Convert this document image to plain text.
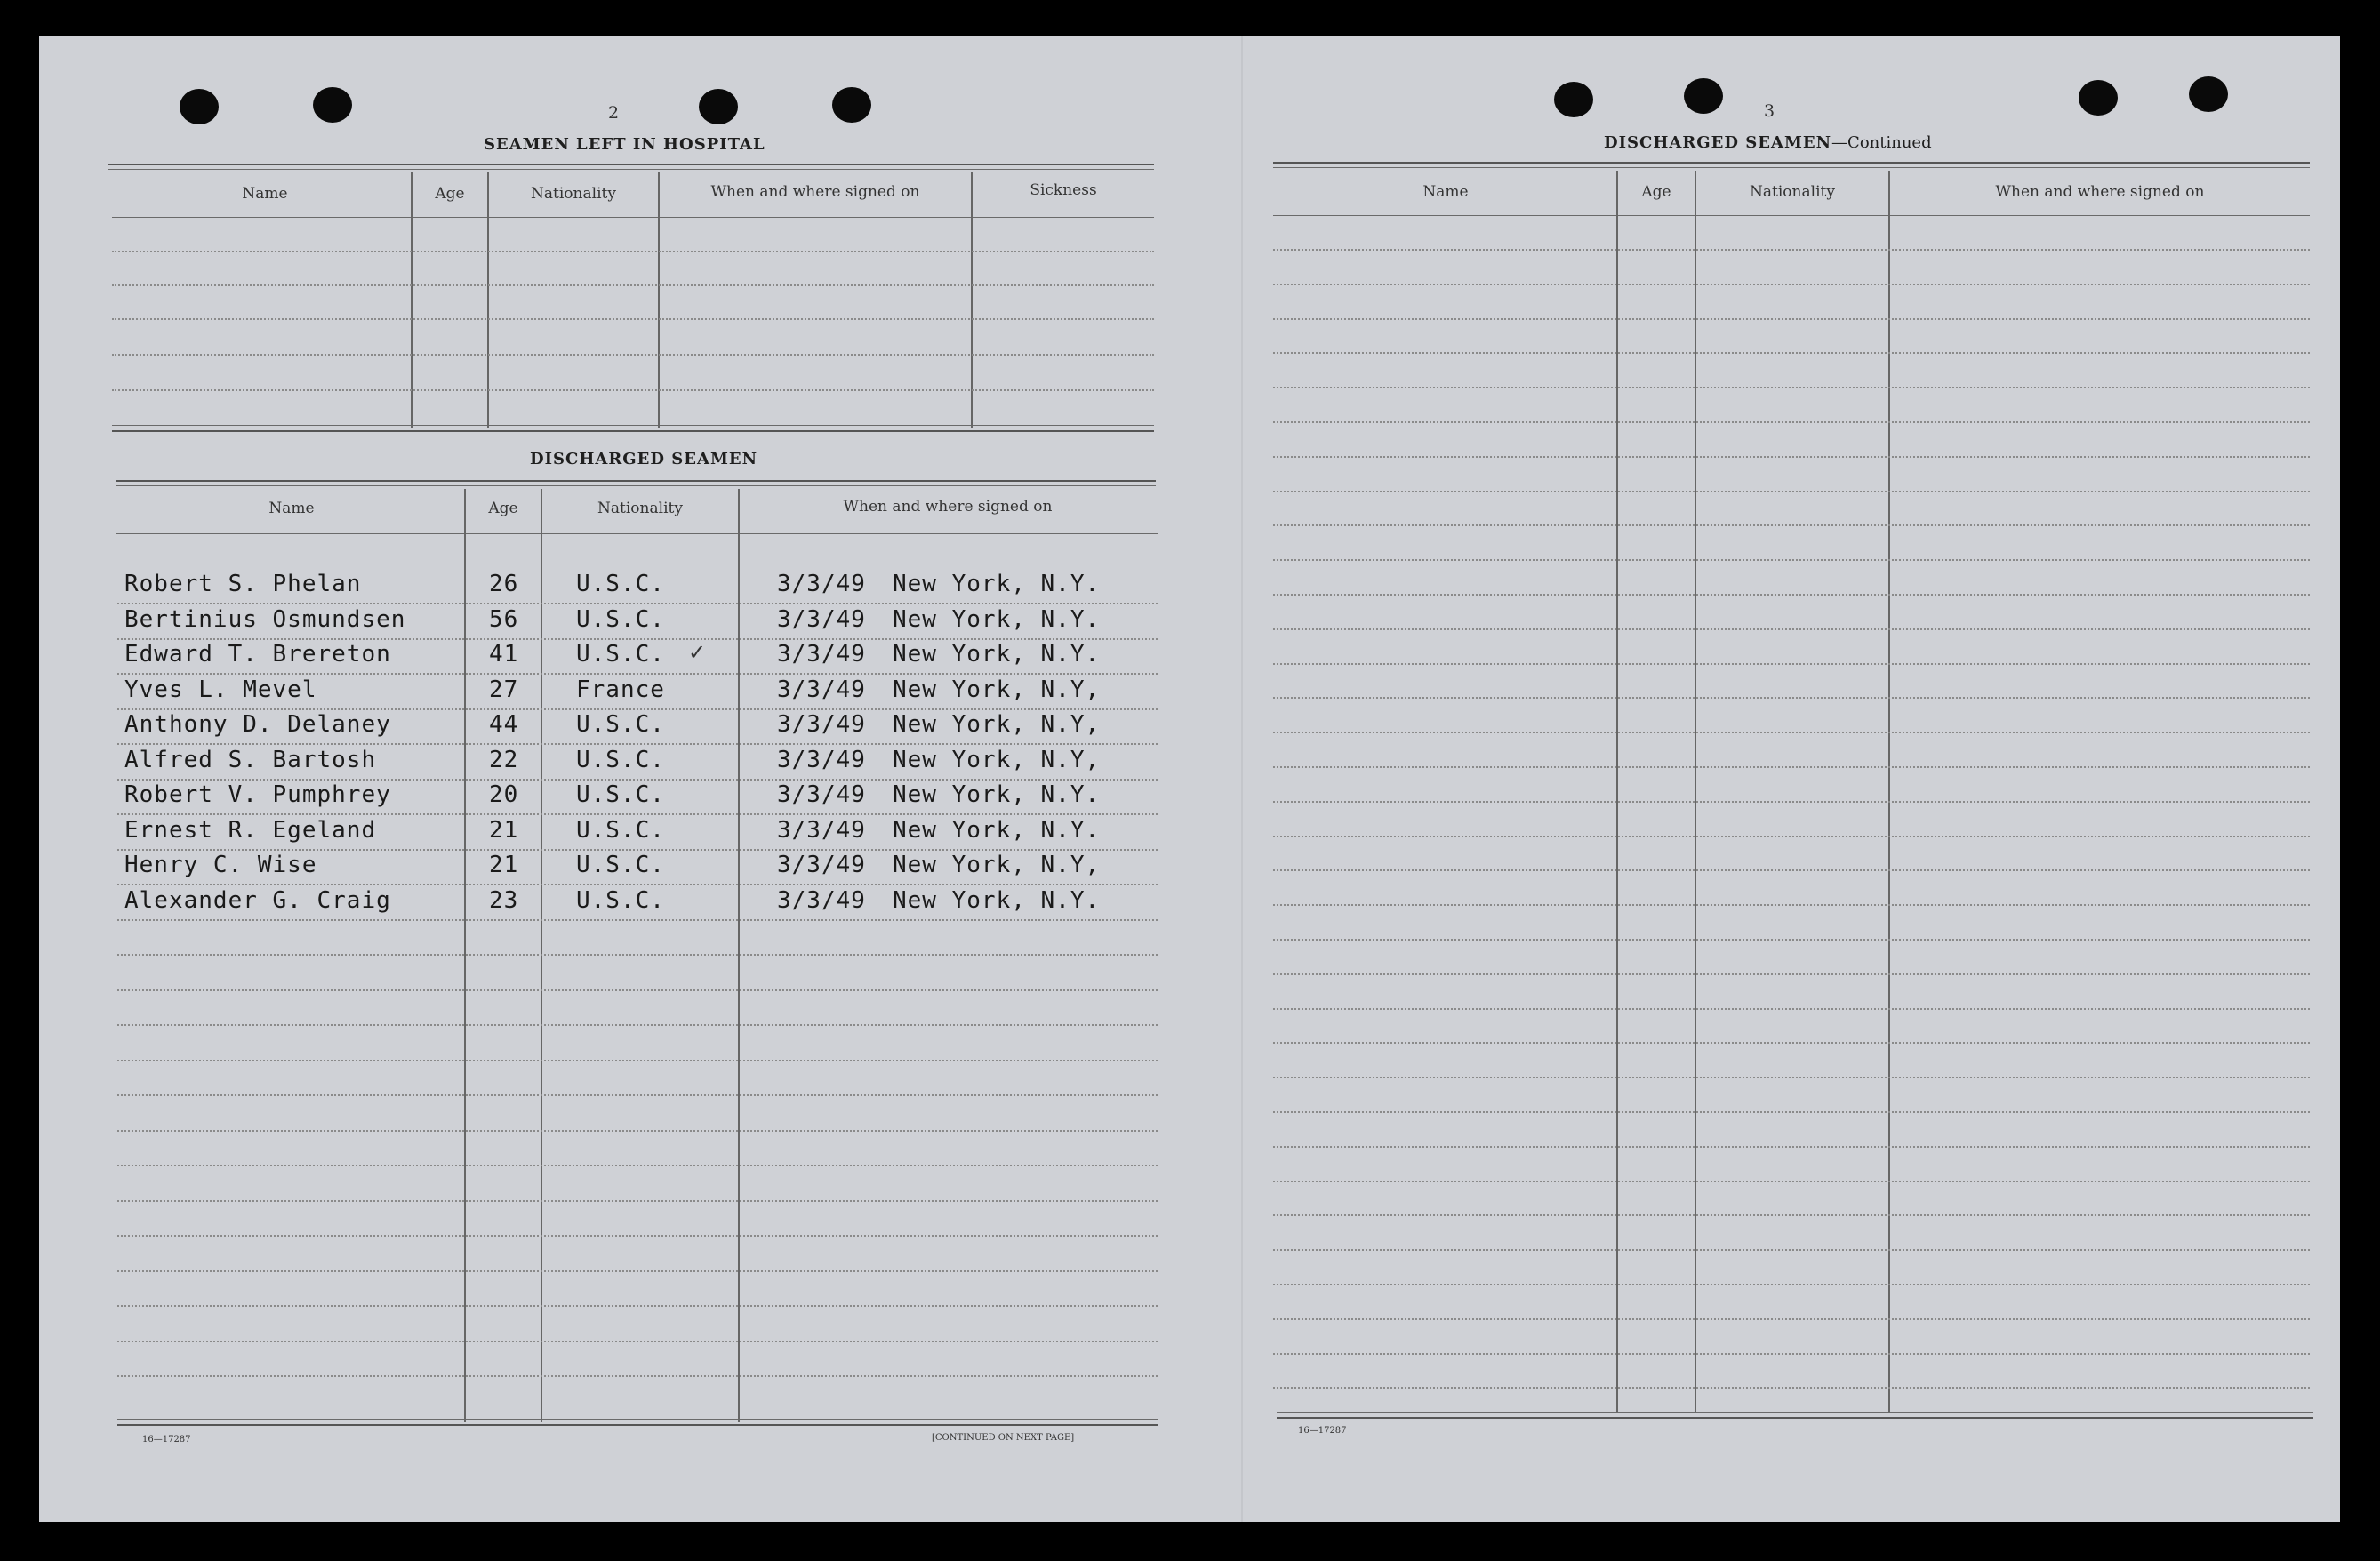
2
SEAMEN LEFT IN HOSPITAL
Name	Age	Nationality	When and where signed on	Sickness
DISCHARGED SEAMEN
Name	Age	Nationality	When and where signed on
Robert S. Phelan	26 U.S.C.	3/3/49 New York, N.Y.
Bertinius Osmundsen	56 U.S.C.	3/3/49 New York, N.Y.
Edward T. Brereton	41 U.S.C.	3/3/49 New York, N.Y.
Yves L. Mevel	27 France	3/3/49 New York, N.Y,
Anthony D. Delaney	44 U.S.C.	3/3/49 New York, N.Y,
Alfred S. Bartosh	22 U.S.C.	3/3/49 New York, N.Y,
Robert V. Pumphrey	20 U.S.C.	3/3/49 New York, N.Y.
Ernest R. Egeland	21 U.S.C.	3/3/49 New York, N.Y.
Henry C. Wise	21 U.S.C.	3/3/49 New York, N.Y,
Alexander G. Craig	23 U.S.C.	3/3/49 New York, N.Y.
✓
16—17287	[CONTINUED ON NEXT PAGE]
3
DISCHARGED SEAMEN—Continued
Name	Age	Nationality	When and where signed on
16—17287
